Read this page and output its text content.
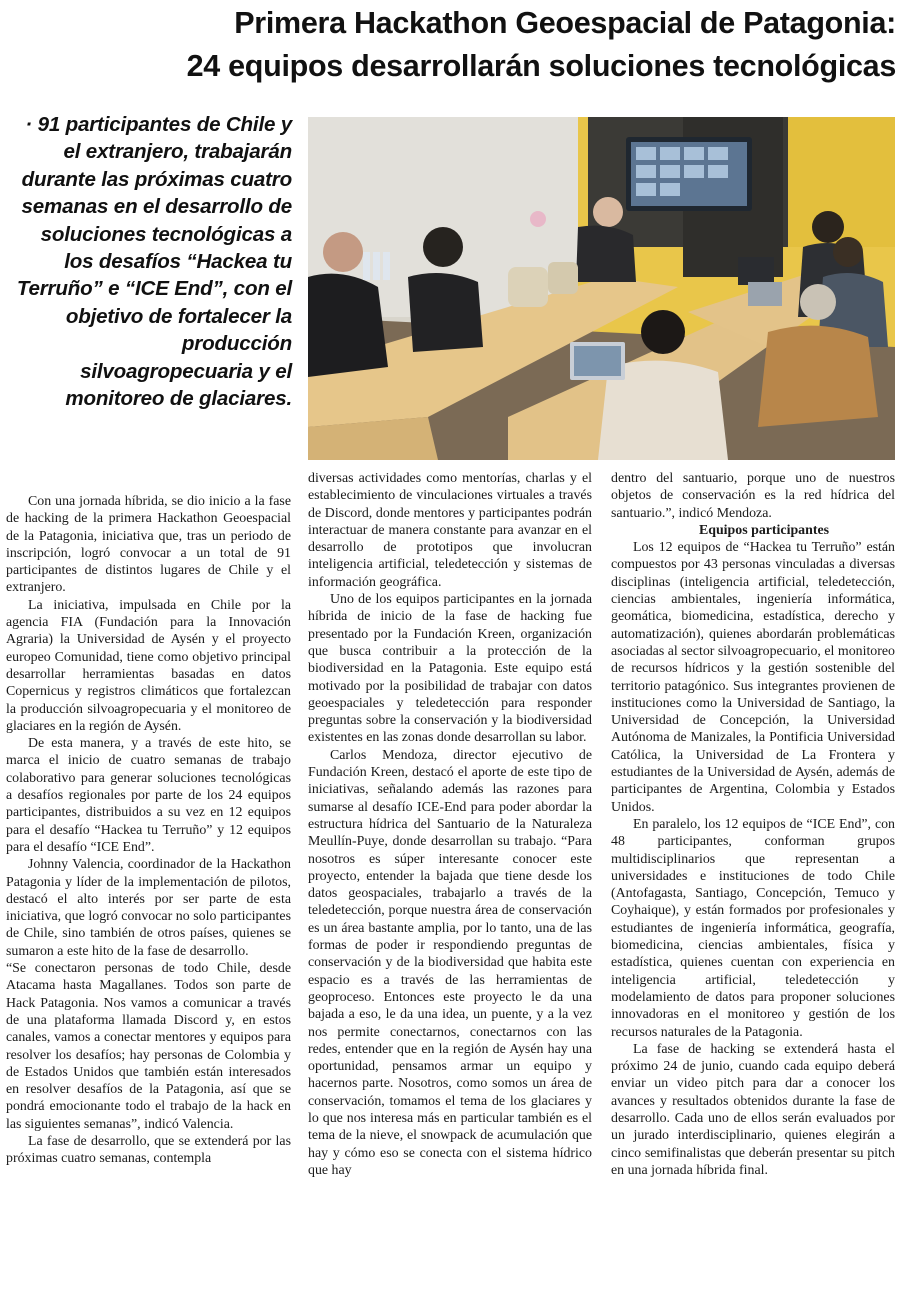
Primera Hackathon Geoespacial de Patagonia:
24 equipos desarrollarán soluciones tecnológicas
· 91 participantes de Chile y el extranjero, trabajarán durante las próximas cuatro semanas en el desarrollo de soluciones tecnológicas a los desafíos “Hackea tu Terruño” e “ICE End”, con el objetivo de fortalecer la producción silvoagropecuaria y el monitoreo de glaciares.

Con una jornada híbrida, se dio inicio a la fase de hacking de la primera Hackathon Geoespacial de la Patagonia, iniciativa que, tras un periodo de inscripción, logró convocar a un total de 91 participantes de distintos lugares de Chile y el extranjero.

La iniciativa, impulsada en Chile por la agencia FIA (Fundación para la Innovación Agraria) la Universidad de Aysén y el proyecto europeo Comunidad, tiene como objetivo principal desarrollar herramientas basadas en datos Copernicus y registros climáticos que fortalezcan la producción silvoagropecuaria y el monitoreo de glaciares en la región de Aysén.

De esta manera, y a través de este hito, se marca el inicio de cuatro semanas de trabajo colaborativo para generar soluciones tecnológicas a desafíos regionales por parte de los 24 equipos participantes, distribuidos a su vez en 12 equipos para el desafío “Hackea tu Terruño” y 12 equipos para el desafío “ICE End”.

Johnny Valencia, coordinador de la Hackathon Patagonia y líder de la implementación de pilotos, destacó el alto interés por ser parte de esta iniciativa, que logró convocar no solo participantes de Chile, sino también de otros países, quienes se sumaron a este hito de la fase de desarrollo.

“Se conectaron personas de todo Chile, desde Atacama hasta Magallanes. Todos son parte de Hack Patagonia. Nos vamos a comunicar a través de una plataforma llamada Discord y, en estos canales, vamos a conectar mentores y equipos para resolver los desafíos; hay personas de Colombia y de Estados Unidos que también están interesados en resolver desafíos de la Patagonia, así que se pondrá emocionante todo el trabajo de la hack en las siguientes semanas”, indicó Valencia.

La fase de desarrollo, que se extenderá por las próximas cuatro semanas, contempla

diversas actividades como mentorías, charlas y el establecimiento de vinculaciones virtuales a través de Discord, donde mentores y participantes podrán interactuar de manera constante para avanzar en el desarrollo de prototipos que involucran inteligencia artificial, teledetección y sistemas de información geográfica.

Uno de los equipos participantes en la jornada híbrida de inicio de la fase de hacking fue presentado por la Fundación Kreen, organización que busca contribuir a la protección de la biodiversidad en la Patagonia. Este equipo está motivado por la posibilidad de trabajar con datos geoespaciales y teledetección para responder preguntas sobre la conservación y la biodiversidad existentes en las zonas donde desarrollan su labor.

Carlos Mendoza, director ejecutivo de Fundación Kreen, destacó el aporte de este tipo de iniciativas, señalando además las razones para sumarse al desafío ICE-End para poder abordar la estructura hídrica del Santuario de la Naturaleza Meullín-Puye, donde desarrollan su trabajo. “Para nosotros es súper interesante conocer este proyecto, entender la bajada que tiene desde los datos geospaciales, trabajarlo a través de la teledetección, porque nuestra área de conservación es un área bastante amplia, por lo tanto, una de las formas de poder ir respondiendo preguntas de conservación y de la biodiversidad que habita este espacio es a través de las herramientas de geoproceso. Entonces este proyecto le da una bajada a eso, le da una idea, un puente, y a la vez nos permite conectarnos, conectarnos con las redes, entender que en la región de Aysén hay una oportunidad, pensamos armar un equipo y hacernos parte. Nosotros, como somos un área de conservación, tomamos el tema de los glaciares y lo que nos interesa más en particular también es el tema de la nieve, el snowpack de acumulación que hay y cómo eso se conecta con el sistema hídrico que hay

dentro del santuario, porque uno de nuestros objetos de conservación es la red hídrica del santuario.”, indicó Mendoza.

Equipos participantes

Los 12 equipos de “Hackea tu Terruño” están compuestos por 43 personas vinculadas a diversas disciplinas (inteligencia artificial, teledetección, ciencias ambientales, ingeniería informática, geomática, biomedicina, estadística, derecho y automatización), quienes abordarán problemáticas asociadas al sector silvoagropecuario, el monitoreo de recursos hídricos y la gestión sostenible del territorio patagónico. Sus integrantes provienen de instituciones como la Universidad de Santiago, la Universidad de Concepción, la Universidad Autónoma de Manizales, la Pontificia Universidad Católica, la Universidad de La Frontera y estudiantes de la Universidad de Aysén, además de participantes de Argentina, Colombia y Estados Unidos.

En paralelo, los 12 equipos de “ICE End”, con 48 participantes, conforman grupos multidisciplinarios que representan a universidades e instituciones de todo Chile (Antofagasta, Santiago, Concepción, Temuco y Coyhaique), y están formados por profesionales y estudiantes de ingeniería informática, geografía, biomedicina, ciencias ambientales, física y estadística, quienes cuentan con experiencia en inteligencia artificial, teledetección y modelamiento de datos para proponer soluciones innovadoras en el monitoreo y gestión de los recursos naturales de la Patagonia.

La fase de hacking se extenderá hasta el próximo 24 de junio, cuando cada equipo deberá enviar un video pitch para dar a conocer los avances y resultados obtenidos durante la fase de desarrollo. Cada uno de ellos serán evaluados por un jurado interdisciplinario, quienes elegirán a cinco semifinalistas que deberán presentar su pitch en una jornada híbrida final.
